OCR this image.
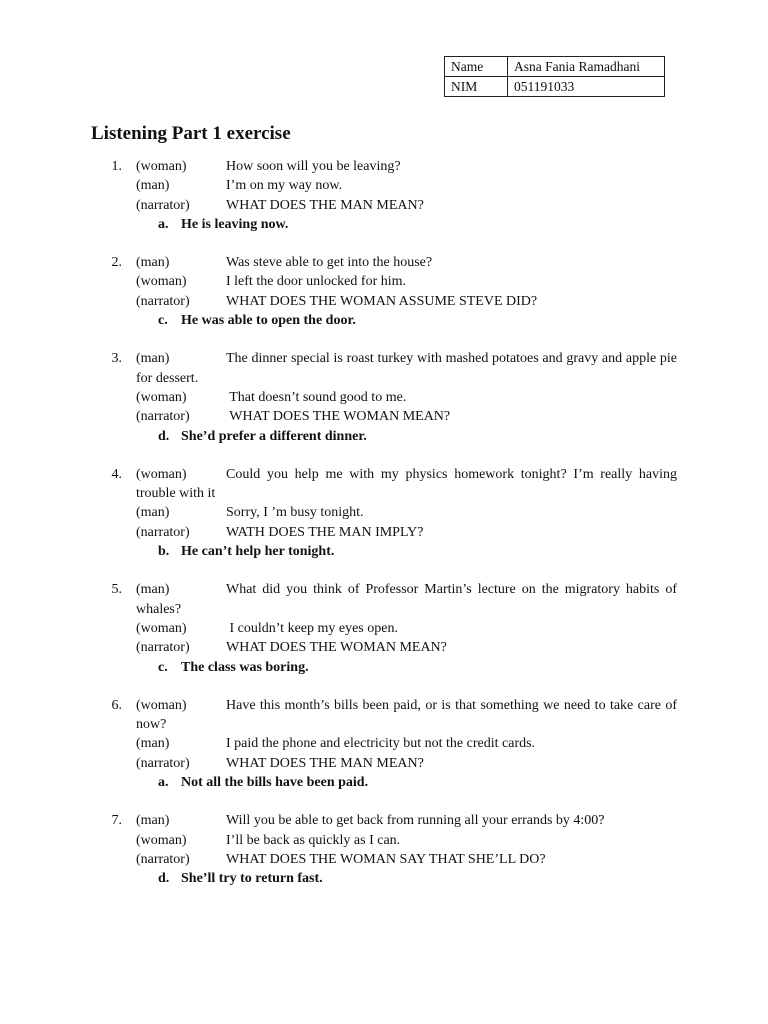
Name	Asna Fania Ramadhani
NIM	051191033
Listening Part 1 exercise
1. (woman)	How soon will you be leaving?
(man)	I’m on my way now.
(narrator)	WHAT DOES THE MAN MEAN?
a. He is leaving now.
2. (man)	Was steve able to get into the house?
(woman)	I left the door unlocked for him.
(narrator)	WHAT DOES THE WOMAN ASSUME STEVE DID?
c. He was able to open the door.
3. (man)	The dinner special is roast turkey with mashed potatoes and gravy and apple pie for dessert.
(woman)	That doesn’t sound good to me.
(narrator)	WHAT DOES THE WOMAN MEAN?
d. She’d prefer a different dinner.
4. (woman)	Could you help me with my physics homework tonight? I’m really having trouble with it
(man)	Sorry, I ’m busy tonight.
(narrator)	WATH DOES THE MAN IMPLY?
b. He can’t help her tonight.
5. (man)	What did you think of Professor Martin’s lecture on the migratory habits of whales?
(woman)	I couldn’t keep my eyes open.
(narrator)	WHAT DOES THE WOMAN MEAN?
c. The class was boring.
6. (woman)	Have this month’s bills been paid, or is that something we need to take care of now?
(man)	I paid the phone and electricity but not the credit cards.
(narrator)	WHAT DOES THE MAN MEAN?
a. Not all the bills have been paid.
7. (man)	Will you be able to get back from running all your errands by 4:00?
(woman)	I’ll be back as quickly as I can.
(narrator)	WHAT DOES THE WOMAN SAY THAT SHE’LL DO?
d. She’ll try to return fast.
